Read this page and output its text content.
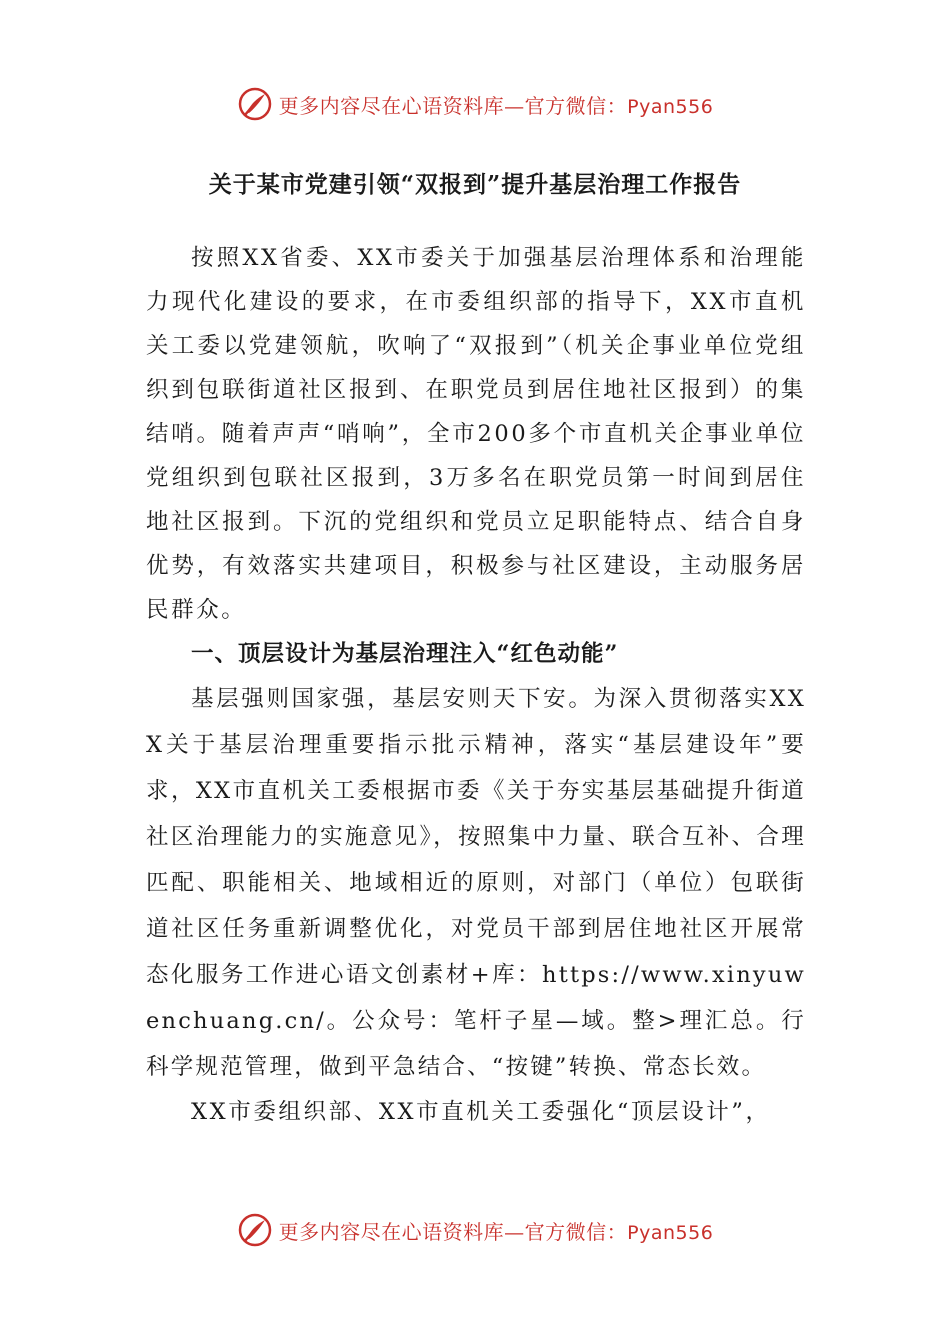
更多内容尽在心语资料库—官方微信：Pyan556
关于某市党建引领“双报到”提升基层治理工作报告

按照XX省委、XX市委关于加强基层治理体系和治理能力现代化建设的要求，在市委组织部的指导下，XX市直机关工委以党建领航，吹响了“双报到”（机关企事业单位党组织到包联街道社区报到、在职党员到居住地社区报到）的集结哨。随着声声“哨响”，全市200多个市直机关企事业单位党组织到包联社区报到，3万多名在职党员第一时间到居住地社区报到。下沉的党组织和党员立足职能特点、结合自身优势，有效落实共建项目，积极参与社区建设，主动服务居民群众。

一、顶层设计为基层治理注入“红色动能”

基层强则国家强，基层安则天下安。为深入贯彻落实XXX关于基层治理重要指示批示精神，落实“基层建设年”要求，XX市直机关工委根据市委《关于夯实基层基础提升街道社区治理能力的实施意见》，按照集中力量、联合互补、合理匹配、职能相关、地域相近的原则，对部门（单位）包联街道社区任务重新调整优化，对党员干部到居住地社区开展常态化服务工作进心语文创素材+库：https://www.xinyuwenchuang.cn/。公众号：笔杆子星—域。整>理汇总。行科学规范管理，做到平急结合、“按键”转换、常态长效。

XX市委组织部、XX市直机关工委强化“顶层设计”，

更多内容尽在心语资料库—官方微信：Pyan556
